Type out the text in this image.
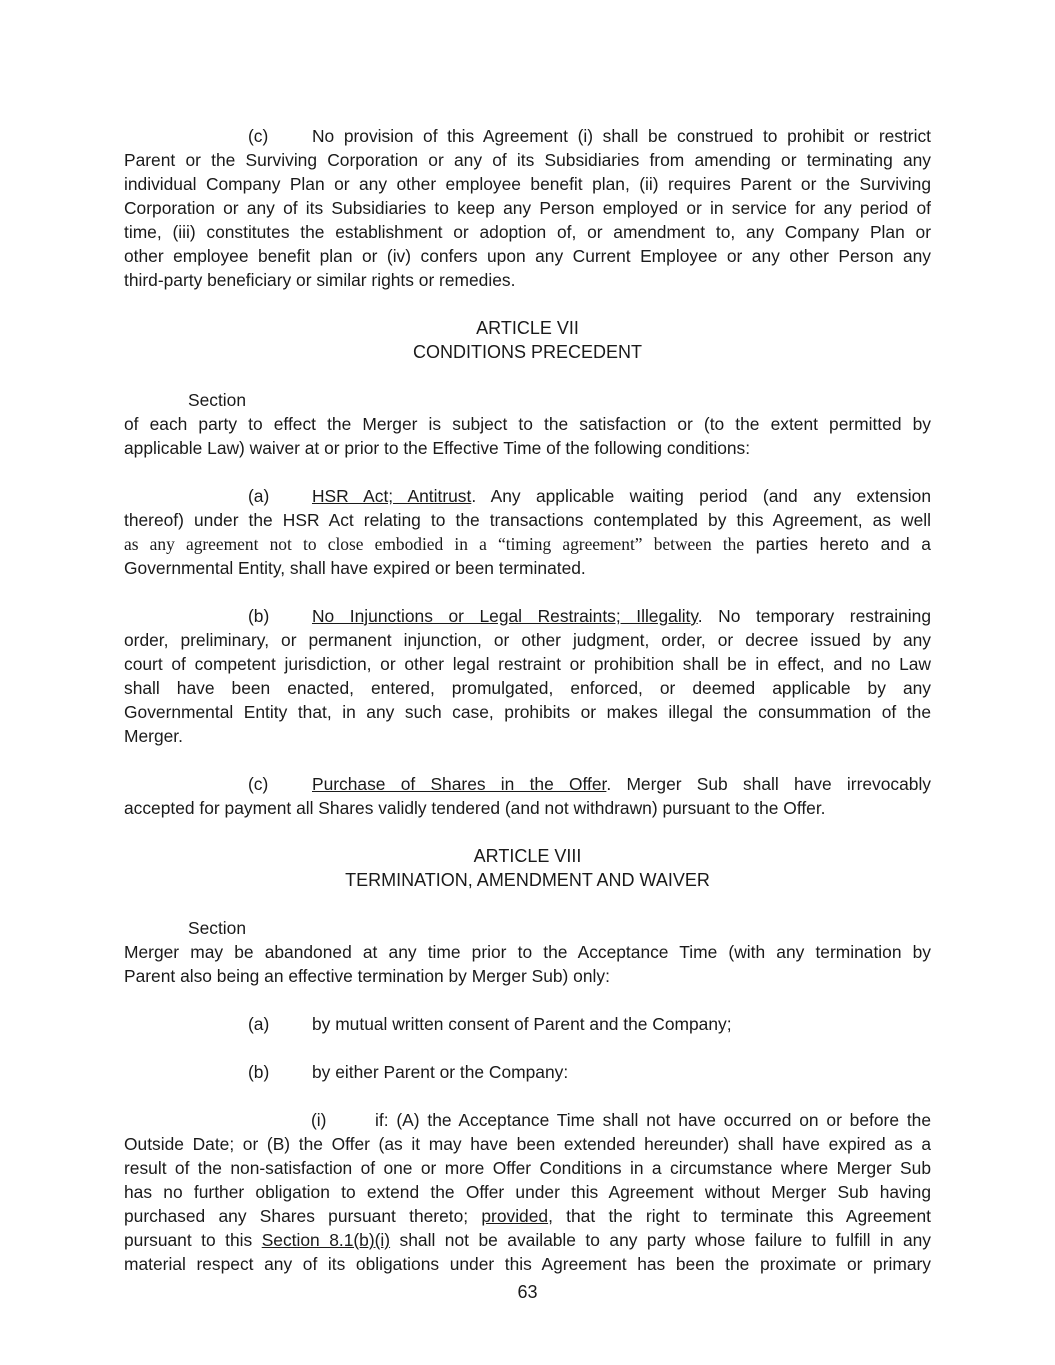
(c)	No provision of this Agreement (i) shall be construed to prohibit or restrict
Parent or the Surviving Corporation or any of its Subsidiaries from amending or terminating any
individual Company Plan or any other employee benefit plan, (ii) requires Parent or the Surviving
Corporation or any of its Subsidiaries to keep any Person employed or in service for any period of
time, (iii) constitutes the establishment or adoption of, or amendment to, any Company Plan or
other employee benefit plan or (iv) confers upon any Current Employee or any other Person any
third-party beneficiary or similar rights or remedies.
ARTICLE VII
CONDITIONS PRECEDENT
Section
of each party to effect the Merger is subject to the satisfaction or (to the extent permitted by
applicable Law) waiver at or prior to the Effective Time of the following conditions:
(a) HSR Act; Antitrust. Any applicable waiting period (and any extension
thereof) under the HSR Act relating to the transactions contemplated by this Agreement, as well
as any agreement not to close embodied in a “timing agreement” between the parties hereto and a
Governmental Entity, shall have expired or been terminated.
(b) No Injunctions or Legal Restraints; Illegality. No temporary restraining
order, preliminary, or permanent injunction, or other judgment, order, or decree issued by any
court of competent jurisdiction, or other legal restraint or prohibition shall be in effect, and no Law
shall have been enacted, entered, promulgated, enforced, or deemed applicable by any
Governmental Entity that, in any such case, prohibits or makes illegal the consummation of the
Merger.
(c)	Purchase of Shares in the Offer. Merger Sub shall have irrevocably
accepted for payment all Shares validly tendered (and not withdrawn) pursuant to the Offer.
ARTICLE VIII
TERMINATION, AMENDMENT AND WAIVER
Section
Merger may be abandoned at any time prior to the Acceptance Time (with any termination by
Parent also being an effective termination by Merger Sub) only:
(a) by mutual written consent of Parent and the Company;
(b) by either Parent or the Company:
(i)	if: (A) the Acceptance Time shall not have occurred on or before the
Outside Date; or (B) the Offer (as it may have been extended hereunder) shall have expired as a
result of the non-satisfaction of one or more Offer Conditions in a circumstance where Merger Sub
has no further obligation to extend the Offer under this Agreement without Merger Sub having
purchased any Shares pursuant thereto; provided, that the right to terminate this Agreement
pursuant to this Section 8.1(b)(i) shall not be available to any party whose failure to fulfill in any
material respect any of its obligations under this Agreement has been the proximate or primary
63
